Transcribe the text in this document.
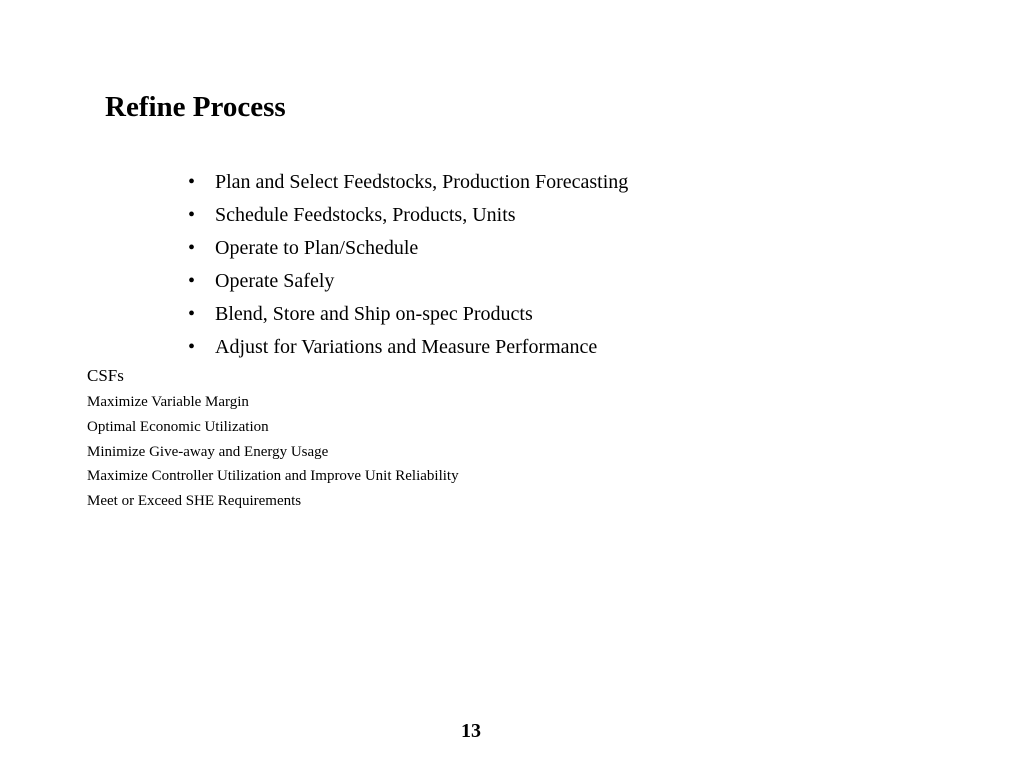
Refine Process
• Plan and Select Feedstocks, Production Forecasting
• Schedule Feedstocks, Products, Units
• Operate to Plan/Schedule
• Operate Safely
• Blend, Store and Ship on-spec Products
• Adjust for Variations and Measure Performance
CSFs
Maximize Variable Margin
Optimal Economic Utilization
Minimize Give-away and Energy Usage
Maximize Controller Utilization and Improve Unit Reliability
Meet or Exceed SHE Requirements
13
